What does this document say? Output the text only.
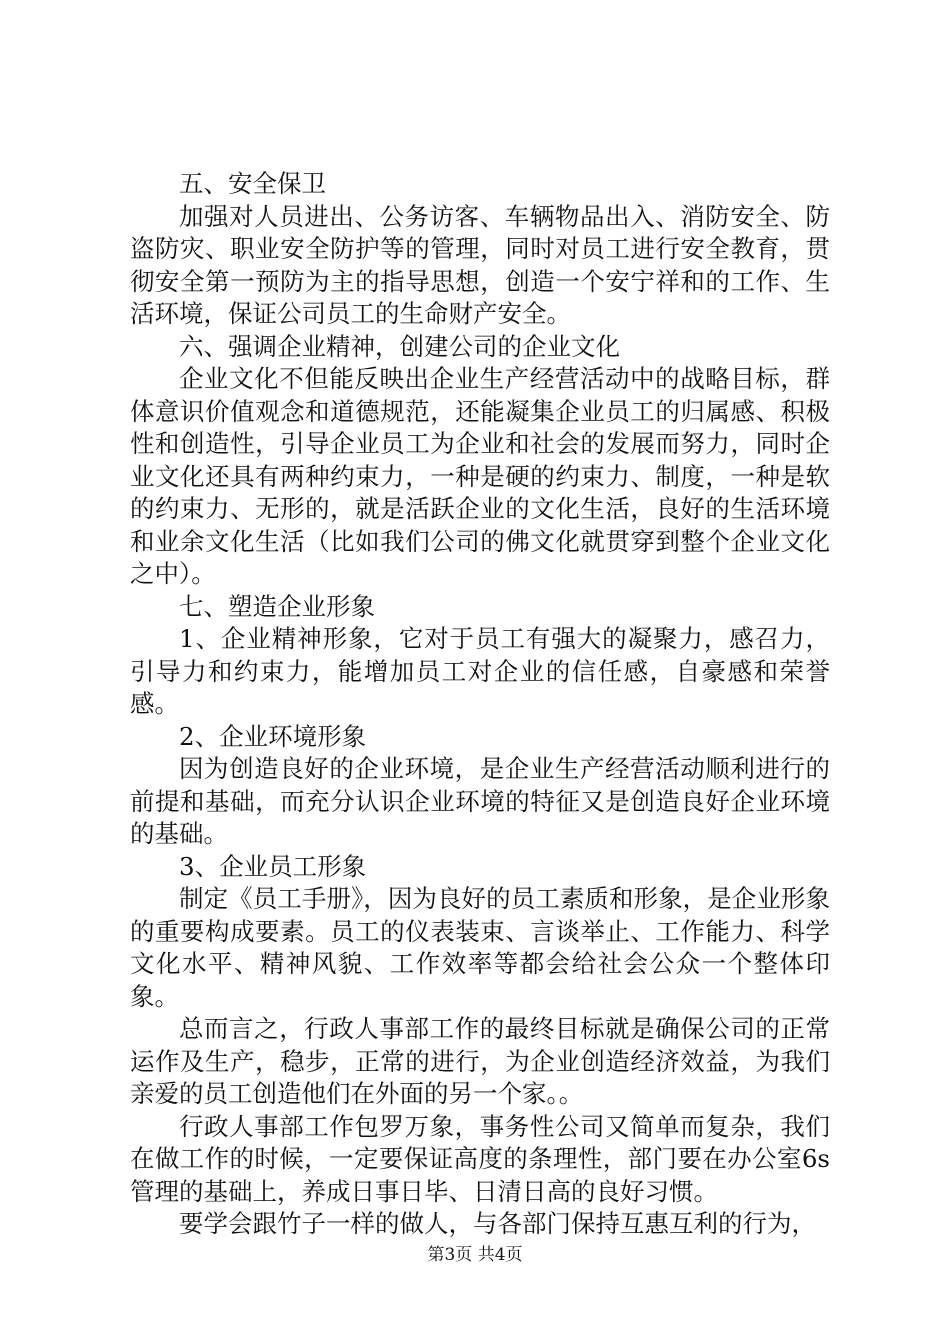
五、安全保卫

加强对人员进出、公务访客、车辆物品出入、消防安全、防盗防灾、职业安全防护等的管理，同时对员工进行安全教育，贯彻安全第一预防为主的指导思想，创造一个安宁祥和的工作、生活环境，保证公司员工的生命财产安全。

六、强调企业精神，创建公司的企业文化

企业文化不但能反映出企业生产经营活动中的战略目标，群体意识价值观念和道德规范，还能凝集企业员工的归属感、积极性和创造性，引导企业员工为企业和社会的发展而努力，同时企业文化还具有两种约束力，一种是硬的约束力、制度，一种是软的约束力、无形的，就是活跃企业的文化生活，良好的生活环境和业余文化生活（比如我们公司的佛文化就贯穿到整个企业文化之中）。

七、塑造企业形象

1、企业精神形象，它对于员工有强大的凝聚力，感召力，引导力和约束力，能增加员工对企业的信任感，自豪感和荣誉感。

2、企业环境形象

因为创造良好的企业环境，是企业生产经营活动顺利进行的前提和基础，而充分认识企业环境的特征又是创造良好企业环境的基础。

3、企业员工形象

制定《员工手册》，因为良好的员工素质和形象，是企业形象的重要构成要素。员工的仪表装束、言谈举止、工作能力、科学文化水平、精神风貌、工作效率等都会给社会公众一个整体印象。

总而言之，行政人事部工作的最终目标就是确保公司的正常运作及生产，稳步，正常的进行，为企业创造经济效益，为我们亲爱的员工创造他们在外面的另一个家。。

行政人事部工作包罗万象，事务性公司又简单而复杂，我们在做工作的时候，一定要保证高度的条理性，部门要在办公室6s管理的基础上，养成日事日毕、日清日高的良好习惯。

要学会跟竹子一样的做人，与各部门保持互惠互利的行为，

第3页 共4页
